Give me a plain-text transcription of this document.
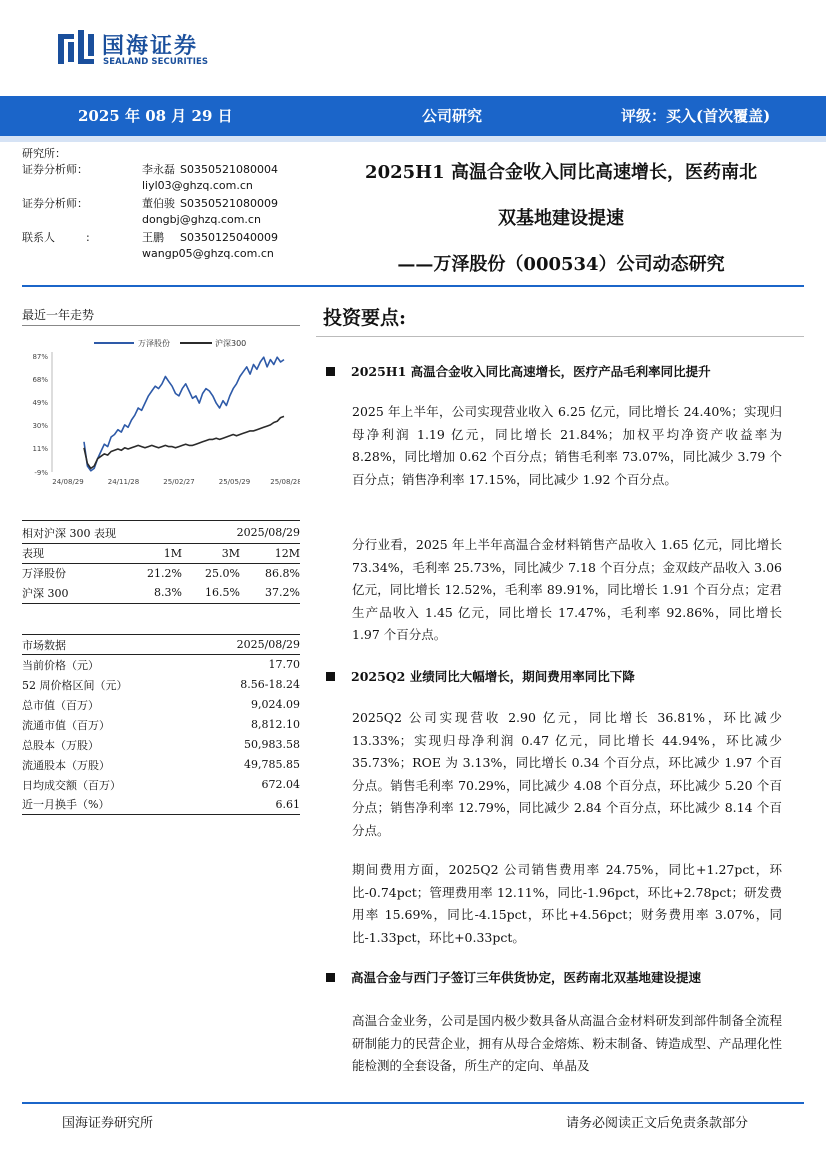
国海证券
SEALAND SECURITIES
2025 年 08 月 29 日	公司研究	评级：买入(首次覆盖)
研究所：
证券分析师：	李永磊 S0350521080004
liyl03@ghzq.com.cn
证券分析师：	董伯骏 S0350521080009
dongbj@ghzq.com.cn
联系人	:	王鹏 S0350125040009
wangp05@ghzq.com.cn
2025H1 高温合金收入同比高速增长，医药南北
双基地建设提速
——万泽股份（000534）公司动态研究
最近一年走势
万泽股份	沪深300
87%
68%
49%
30%
11%
-9%
24/08/29	24/11/28	25/02/27	25/05/29	25/08/28
相对沪深 300 表现		2025/08/29	
表现	1M	3M	12M
万泽股份	21.2%	25.0%	86.8%
沪深 300	8.3%	16.5%	37.2%
市场数据	2025/08/29
当前价格（元）	17.70
52 周价格区间（元）	8.56-18.24
总市值（百万）	9,024.09
流通市值（百万）	8,812.10
总股本（万股）	50,983.58
流通股本（万股）	49,785.85
日均成交额（百万）	672.04
近一月换手（%）	6.61
投资要点:
2025H1 高温合金收入同比高速增长，医疗产品毛利率同比提升

2025 年上半年，公司实现营业收入 6.25 亿元，同比增长 24.40%；实现归母净利润 1.19 亿元，同比增长 21.84%；加权平均净资产收益率为 8.28%，同比增加 0.62 个百分点；销售毛利率 73.07%，同比减少 3.79 个百分点；销售净利率 17.15%，同比减少 1.92 个百分点。

分行业看，2025 年上半年高温合金材料销售产品收入 1.65 亿元，同比增长 73.34%，毛利率 25.73%，同比减少 7.18 个百分点；金双歧产品收入 3.06 亿元，同比增长 12.52%，毛利率 89.91%，同比增长 1.91 个百分点；定君生产品收入 1.45 亿元，同比增长 17.47%，毛利率 92.86%，同比增长 1.97 个百分点。

2025Q2 业绩同比大幅增长，期间费用率同比下降

2025Q2 公司实现营收 2.90 亿元，同比增长 36.81%，环比减少 13.33%；实现归母净利润 0.47 亿元，同比增长 44.94%，环比减少 35.73%；ROE 为 3.13%，同比增长 0.34 个百分点，环比减少 1.97 个百分点。销售毛利率 70.29%，同比减少 4.08 个百分点，环比减少 5.20 个百分点；销售净利率 12.79%，同比减少 2.84 个百分点，环比减少 8.14 个百分点。

期间费用方面，2025Q2 公司销售费用率 24.75%，同比+1.27pct，环比-0.74pct；管理费用率 12.11%，同比-1.96pct，环比+2.78pct；研发费用率 15.69%，同比-4.15pct，环比+4.56pct；财务费用率 3.07%，同比-1.33pct，环比+0.33pct。

高温合金与西门子签订三年供货协定，医药南北双基地建设提速

高温合金业务，公司是国内极少数具备从高温合金材料研发到部件制备全流程研制能力的民营企业，拥有从母合金熔炼、粉末制备、铸造成型、产品理化性能检测的全套设备，所生产的定向、单晶及

国海证券研究所	请务必阅读正文后免责条款部分
